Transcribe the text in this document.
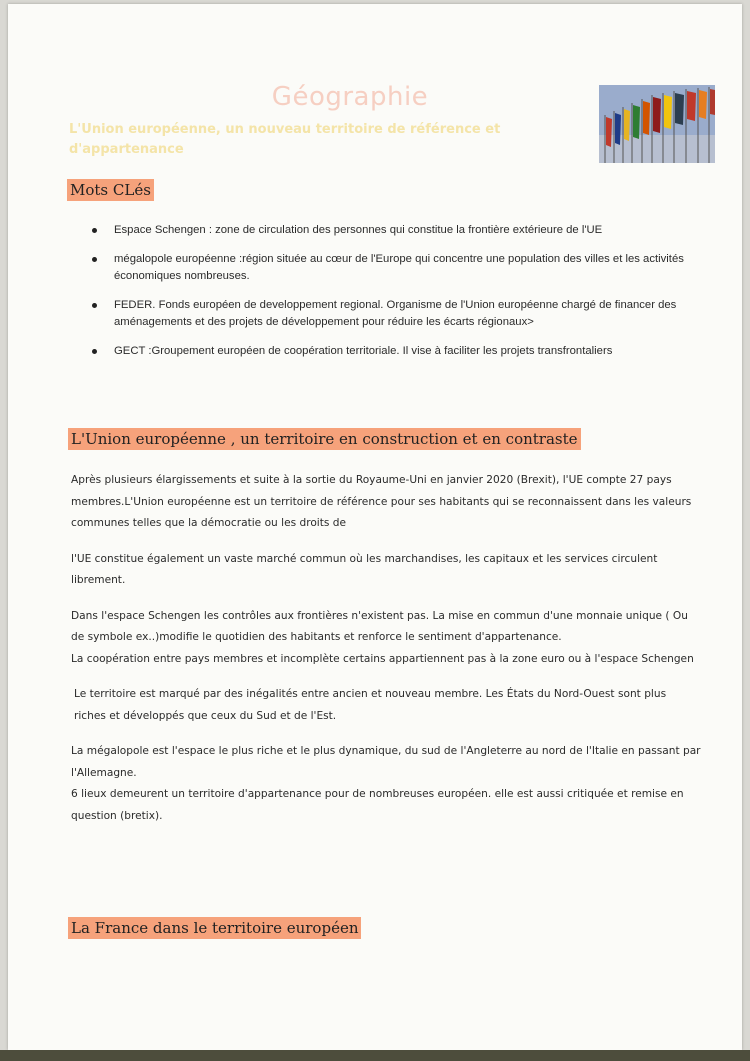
Géographie
L'Union européenne, un nouveau territoire de référence et d'appartenance
Mots CLés
Espace Schengen : zone de circulation des personnes qui constitue la frontière extérieure de l'UE
mégalopole européenne :région située au cœur de l'Europe qui concentre une population des villes et les activités économiques nombreuses.
FEDER. Fonds européen de developpement regional. Organisme de l'Union européenne chargé de financer des aménagements et des projets de développement pour réduire les écarts régionaux>
GECT :Groupement européen de coopération territoriale. Il vise à faciliter les projets transfrontaliers
L'Union européenne , un territoire en construction et en contraste

Après plusieurs élargissements et suite à la sortie du Royaume-Uni en janvier 2020 (Brexit), l'UE compte 27 pays membres.L'Union européenne est un territoire de référence pour ses habitants qui se reconnaissent dans les valeurs communes telles que la démocratie ou les droits de

l'UE constitue également un vaste marché commun où les marchandises, les capitaux et les services circulent librement.

Dans l'espace Schengen les contrôles aux frontières n'existent pas. La mise en commun d'une monnaie unique ( Ou de symbole ex..)modifie le quotidien des habitants et renforce le sentiment d'appartenance.

La coopération entre pays membres et incomplète certains appartiennent pas à la zone euro ou à l'espace Schengen

Le territoire est marqué par des inégalités entre ancien et nouveau membre. Les États du Nord-Ouest sont plus riches et développés que ceux du Sud et de l'Est.

La mégalopole est l'espace le plus riche et le plus dynamique, du sud de l'Angleterre au nord de l'Italie en passant par l'Allemagne.

6 lieux demeurent un territoire d'appartenance pour de nombreuses européen. elle est aussi critiquée et remise en question (bretix).

La France dans le territoire européen
